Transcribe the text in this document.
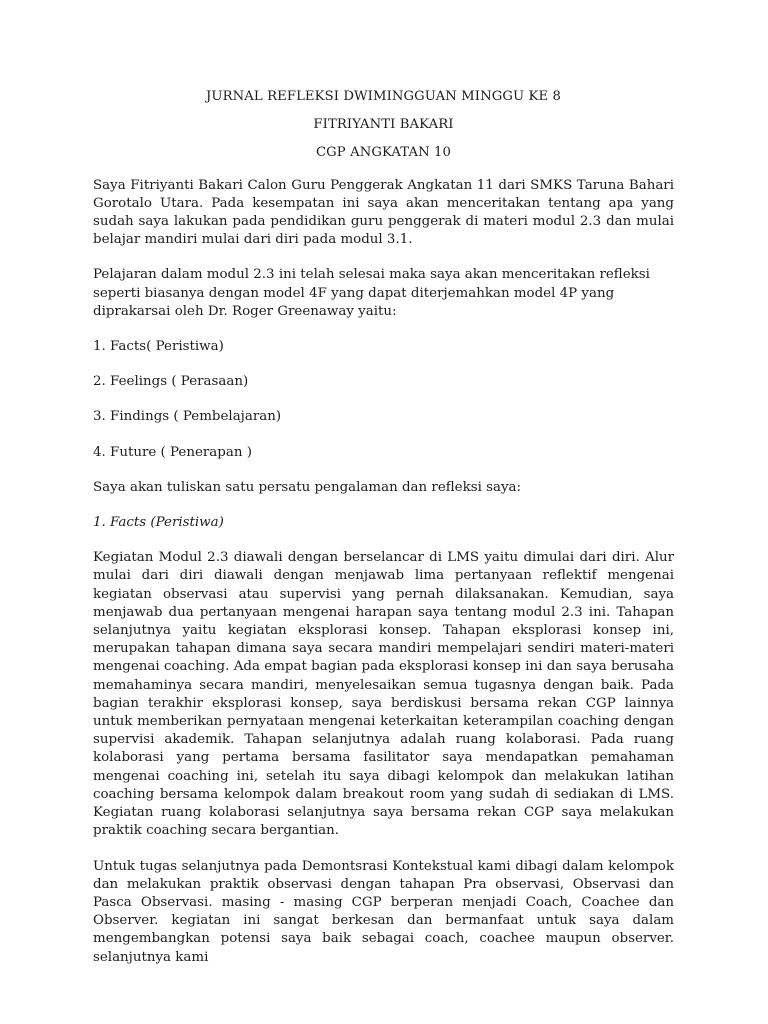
JURNAL REFLEKSI DWIMINGGUAN MINGGU KE 8
FITRIYANTI BAKARI
CGP ANGKATAN 10

Saya Fitriyanti Bakari Calon Guru Penggerak Angkatan 11 dari SMKS Taruna Bahari Gorotalo Utara. Pada kesempatan ini saya akan menceritakan tentang apa yang sudah saya lakukan pada pendidikan guru penggerak di materi modul 2.3 dan mulai belajar mandiri mulai dari diri pada modul 3.1.

Pelajaran dalam modul 2.3 ini telah selesai maka saya akan menceritakan refleksi seperti biasanya dengan model 4F yang dapat diterjemahkan model 4P yang diprakarsai oleh Dr. Roger Greenaway yaitu:

1. Facts( Peristiwa)
2. Feelings ( Perasaan)
3. Findings ( Pembelajaran)
4. Future ( Penerapan )
Saya akan tuliskan satu persatu pengalaman dan refleksi saya:
1. Facts (Peristiwa)

Kegiatan Modul 2.3 diawali dengan berselancar di LMS yaitu dimulai dari diri. Alur mulai dari diri diawali dengan menjawab lima pertanyaan reflektif mengenai kegiatan observasi atau supervisi yang pernah dilaksanakan. Kemudian, saya menjawab dua pertanyaan mengenai harapan saya tentang modul 2.3 ini. Tahapan selanjutnya yaitu kegiatan eksplorasi konsep. Tahapan eksplorasi konsep ini, merupakan tahapan dimana saya secara mandiri mempelajari sendiri materi-materi mengenai coaching. Ada empat bagian pada eksplorasi konsep ini dan saya berusaha memahaminya secara mandiri, menyelesaikan semua tugasnya dengan baik. Pada bagian terakhir eksplorasi konsep, saya berdiskusi bersama rekan CGP lainnya untuk memberikan pernyataan mengenai keterkaitan keterampilan coaching dengan supervisi akademik. Tahapan selanjutnya adalah ruang kolaborasi. Pada ruang kolaborasi yang pertama bersama fasilitator saya mendapatkan pemahaman mengenai coaching ini, setelah itu saya dibagi kelompok dan melakukan latihan coaching bersama kelompok dalam breakout room yang sudah di sediakan di LMS. Kegiatan ruang kolaborasi selanjutnya saya bersama rekan CGP saya melakukan praktik coaching secara bergantian.

Untuk tugas selanjutnya pada Demontsrasi Kontekstual kami dibagi dalam kelompok dan melakukan praktik observasi dengan tahapan Pra observasi, Observasi dan Pasca Observasi. masing - masing CGP berperan menjadi Coach, Coachee dan Observer. kegiatan ini sangat berkesan dan bermanfaat untuk saya dalam mengembangkan potensi saya baik sebagai coach, coachee maupun observer. selanjutnya kami
